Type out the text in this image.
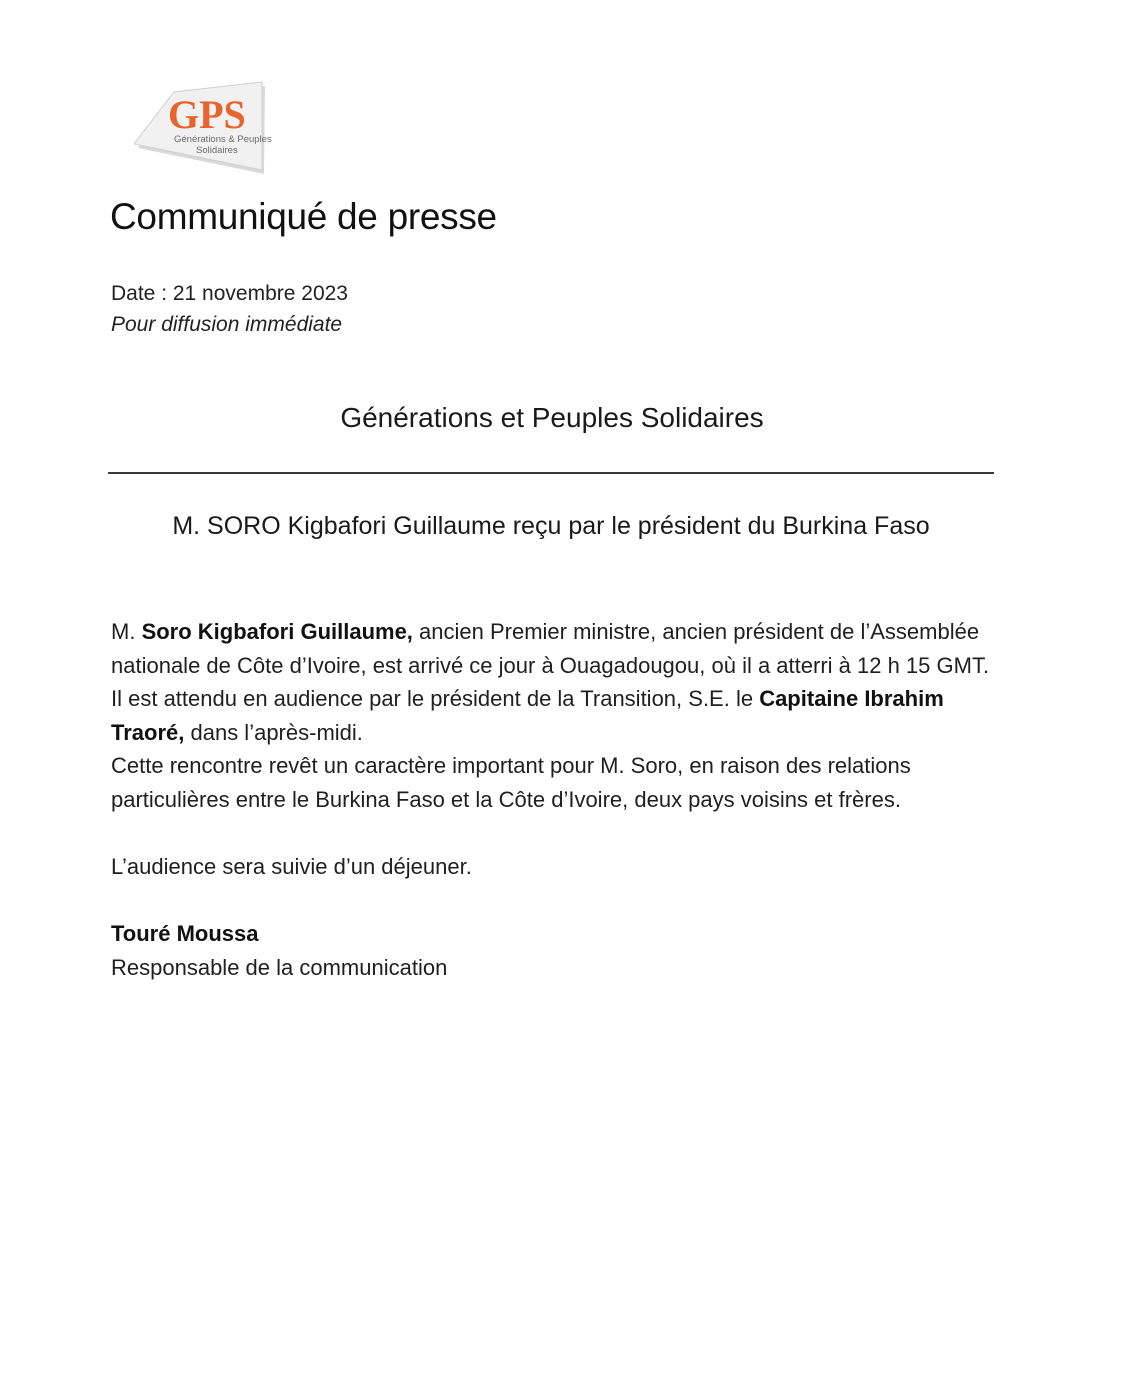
GPS
Générations & Peuples
Solidaires
Communiqué de presse
Date : 21 novembre 2023
Pour diffusion immédiate
Générations et Peuples Solidaires
M. SORO Kigbafori Guillaume reçu par le président du Burkina Faso

M. Soro Kigbafori Guillaume, ancien Premier ministre, ancien président de l’Assemblée nationale de Côte d’Ivoire, est arrivé ce jour à Ouagadougou, où il a atterri à 12 h 15 GMT.

Il est attendu en audience par le président de la Transition, S.E. le Capitaine Ibrahim Traoré, dans l’après-midi.

Cette rencontre revêt un caractère important pour M. Soro, en raison des relations particulières entre le Burkina Faso et la Côte d’Ivoire, deux pays voisins et frères.

L’audience sera suivie d’un déjeuner.

Touré Moussa

Responsable de la communication
